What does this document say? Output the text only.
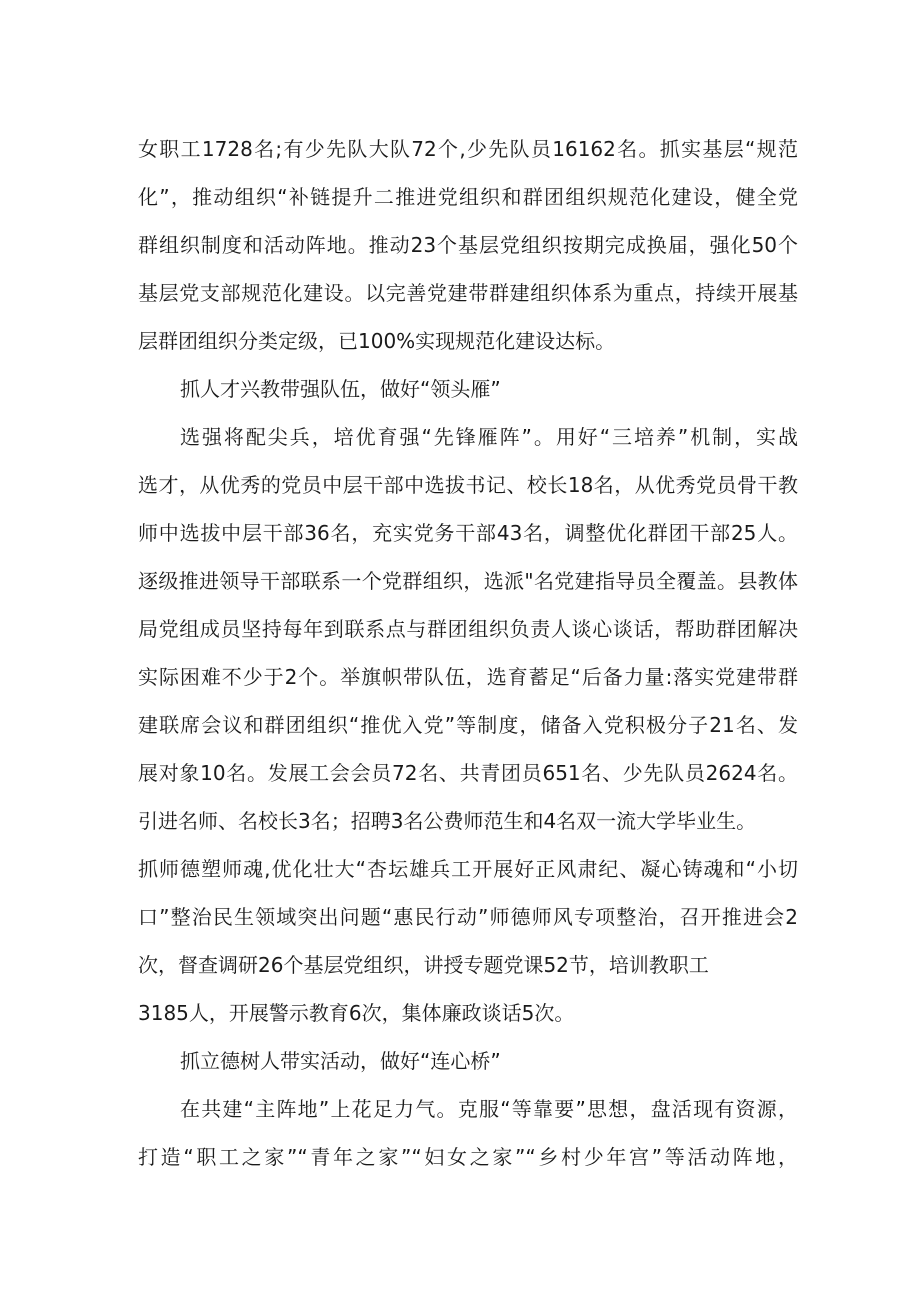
女职工1728名;有少先队大队72个,少先队员16162名。抓实基层“规范
化”，推动组织“补链提升二推进党组织和群团组织规范化建设，健全党
群组织制度和活动阵地。推动23个基层党组织按期完成换届，强化50个
基层党支部规范化建设。以完善党建带群建组织体系为重点，持续开展基
层群团组织分类定级，已100%实现规范化建设达标。
抓人才兴教带强队伍，做好“领头雁”
选强将配尖兵，培优育强“先锋雁阵”。用好“三培养”机制，实战
选才，从优秀的党员中层干部中选拔书记、校长18名，从优秀党员骨干教
师中选拔中层干部36名，充实党务干部43名，调整优化群团干部25人。
逐级推进领导干部联系一个党群组织，选派"名党建指导员全覆盖。县教体
局党组成员坚持每年到联系点与群团组织负责人谈心谈话，帮助群团解决
实际困难不少于2个。举旗帜带队伍，选育蓄足“后备力量:落实党建带群
建联席会议和群团组织“推优入党”等制度，储备入党积极分子21名、发
展对象10名。发展工会会员72名、共青团员651名、少先队员2624名。
引进名师、名校长3名；招聘3名公费师范生和4名双一流大学毕业生。
抓师德塑师魂,优化壮大“杏坛雄兵工开展好正风肃纪、凝心铸魂和“小切
口”整治民生领域突出问题“惠民行动”师德师风专项整治，召开推进会2
次，督查调研26个基层党组织，讲授专题党课52节，培训教职工
3185人，开展警示教育6次，集体廉政谈话5次。
抓立德树人带实活动，做好“连心桥”
在共建“主阵地”上花足力气。克服“等靠要”思想，盘活现有资源，
打造“职工之家”“青年之家”“妇女之家”“乡村少年宫”等活动阵地，
